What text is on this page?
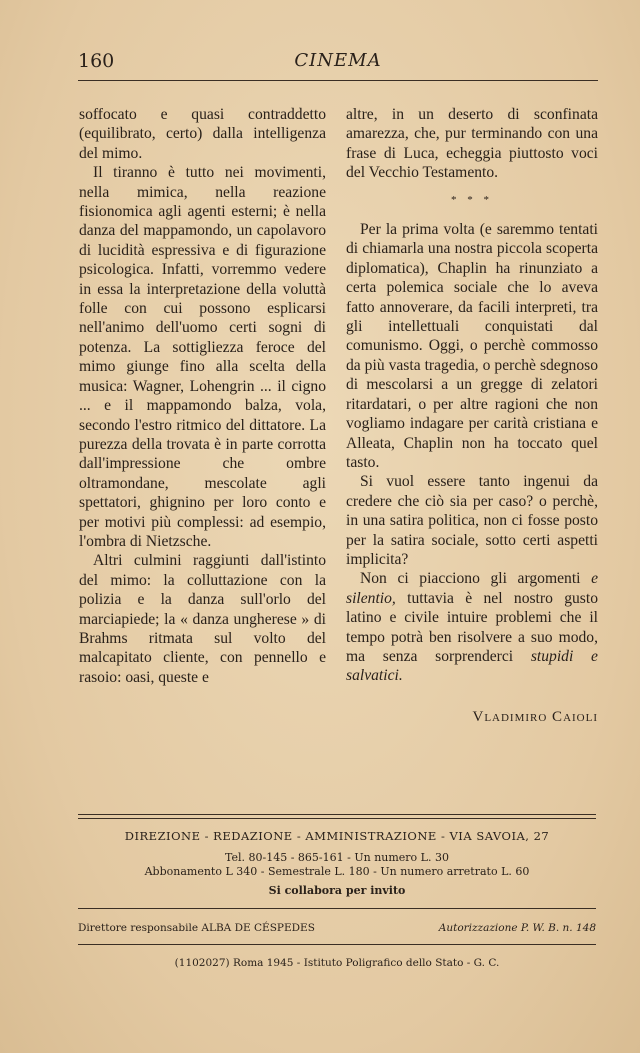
160	CINEMA

soffocato e quasi contraddetto (equilibrato, certo) dalla intelligenza del mimo.

Il tiranno è tutto nei movimenti, nella mimica, nella reazione fisionomica agli agenti esterni; è nella danza del mappamondo, un capolavoro di lucidità espressiva e di figurazione psicologica. Infatti, vorremmo vedere in essa la interpretazione della voluttà folle con cui possono esplicarsi nell'animo dell'uomo certi sogni di potenza. La sottigliezza feroce del mimo giunge fino alla scelta della musica: Wagner, Lohengrin ... il cigno ... e il mappamondo balza, vola, secondo l'estro ritmico del dittatore. La purezza della trovata è in parte corrotta dall'impressione che ombre oltramondane, mescolate agli spettatori, ghignino per loro conto e per motivi più complessi: ad esempio, l'ombra di Nietzsche.

Altri culmini raggiunti dall'istinto del mimo: la colluttazione con la polizia e la danza sull'orlo del marciapiede; la « danza ungherese » di Brahms ritmata sul volto del malcapitato cliente, con pennello e rasoio: oasi, queste e

altre, in un deserto di sconfinata amarezza, che, pur terminando con una frase di Luca, echeggia piuttosto voci del Vecchio Testamento.

* * *

Per la prima volta (e saremmo tentati di chiamarla una nostra piccola scoperta diplomatica), Chaplin ha rinunziato a certa polemica sociale che lo aveva fatto annoverare, da facili interpreti, tra gli intellettuali conquistati dal comunismo. Oggi, o perchè commosso da più vasta tragedia, o perchè sdegnoso di mescolarsi a un gregge di zelatori ritardatari, o per altre ragioni che non vogliamo indagare per carità cristiana e Alleata, Chaplin non ha toccato quel tasto.

Si vuol essere tanto ingenui da credere che ciò sia per caso? o perchè, in una satira politica, non ci fosse posto per la satira sociale, sotto certi aspetti implicita?

Non ci piacciono gli argomenti e silentio, tuttavia è nel nostro gusto latino e civile intuire problemi che il tempo potrà ben risolvere a suo modo, ma senza sorprenderci stupidi e salvatici.

Vladimiro Caioli
DIREZIONE - REDAZIONE - AMMINISTRAZIONE - VIA SAVOIA, 27
Tel. 80-145 - 865-161 - Un numero L. 30
Abbonamento L 340 - Semestrale L. 180 - Un numero arretrato L. 60
Si collabora per invito
Direttore responsabile ALBA DE CÉSPEDES	Autorizzazione P. W. B. n. 148
(1102027) Roma 1945 - Istituto Poligrafico dello Stato - G. C.
